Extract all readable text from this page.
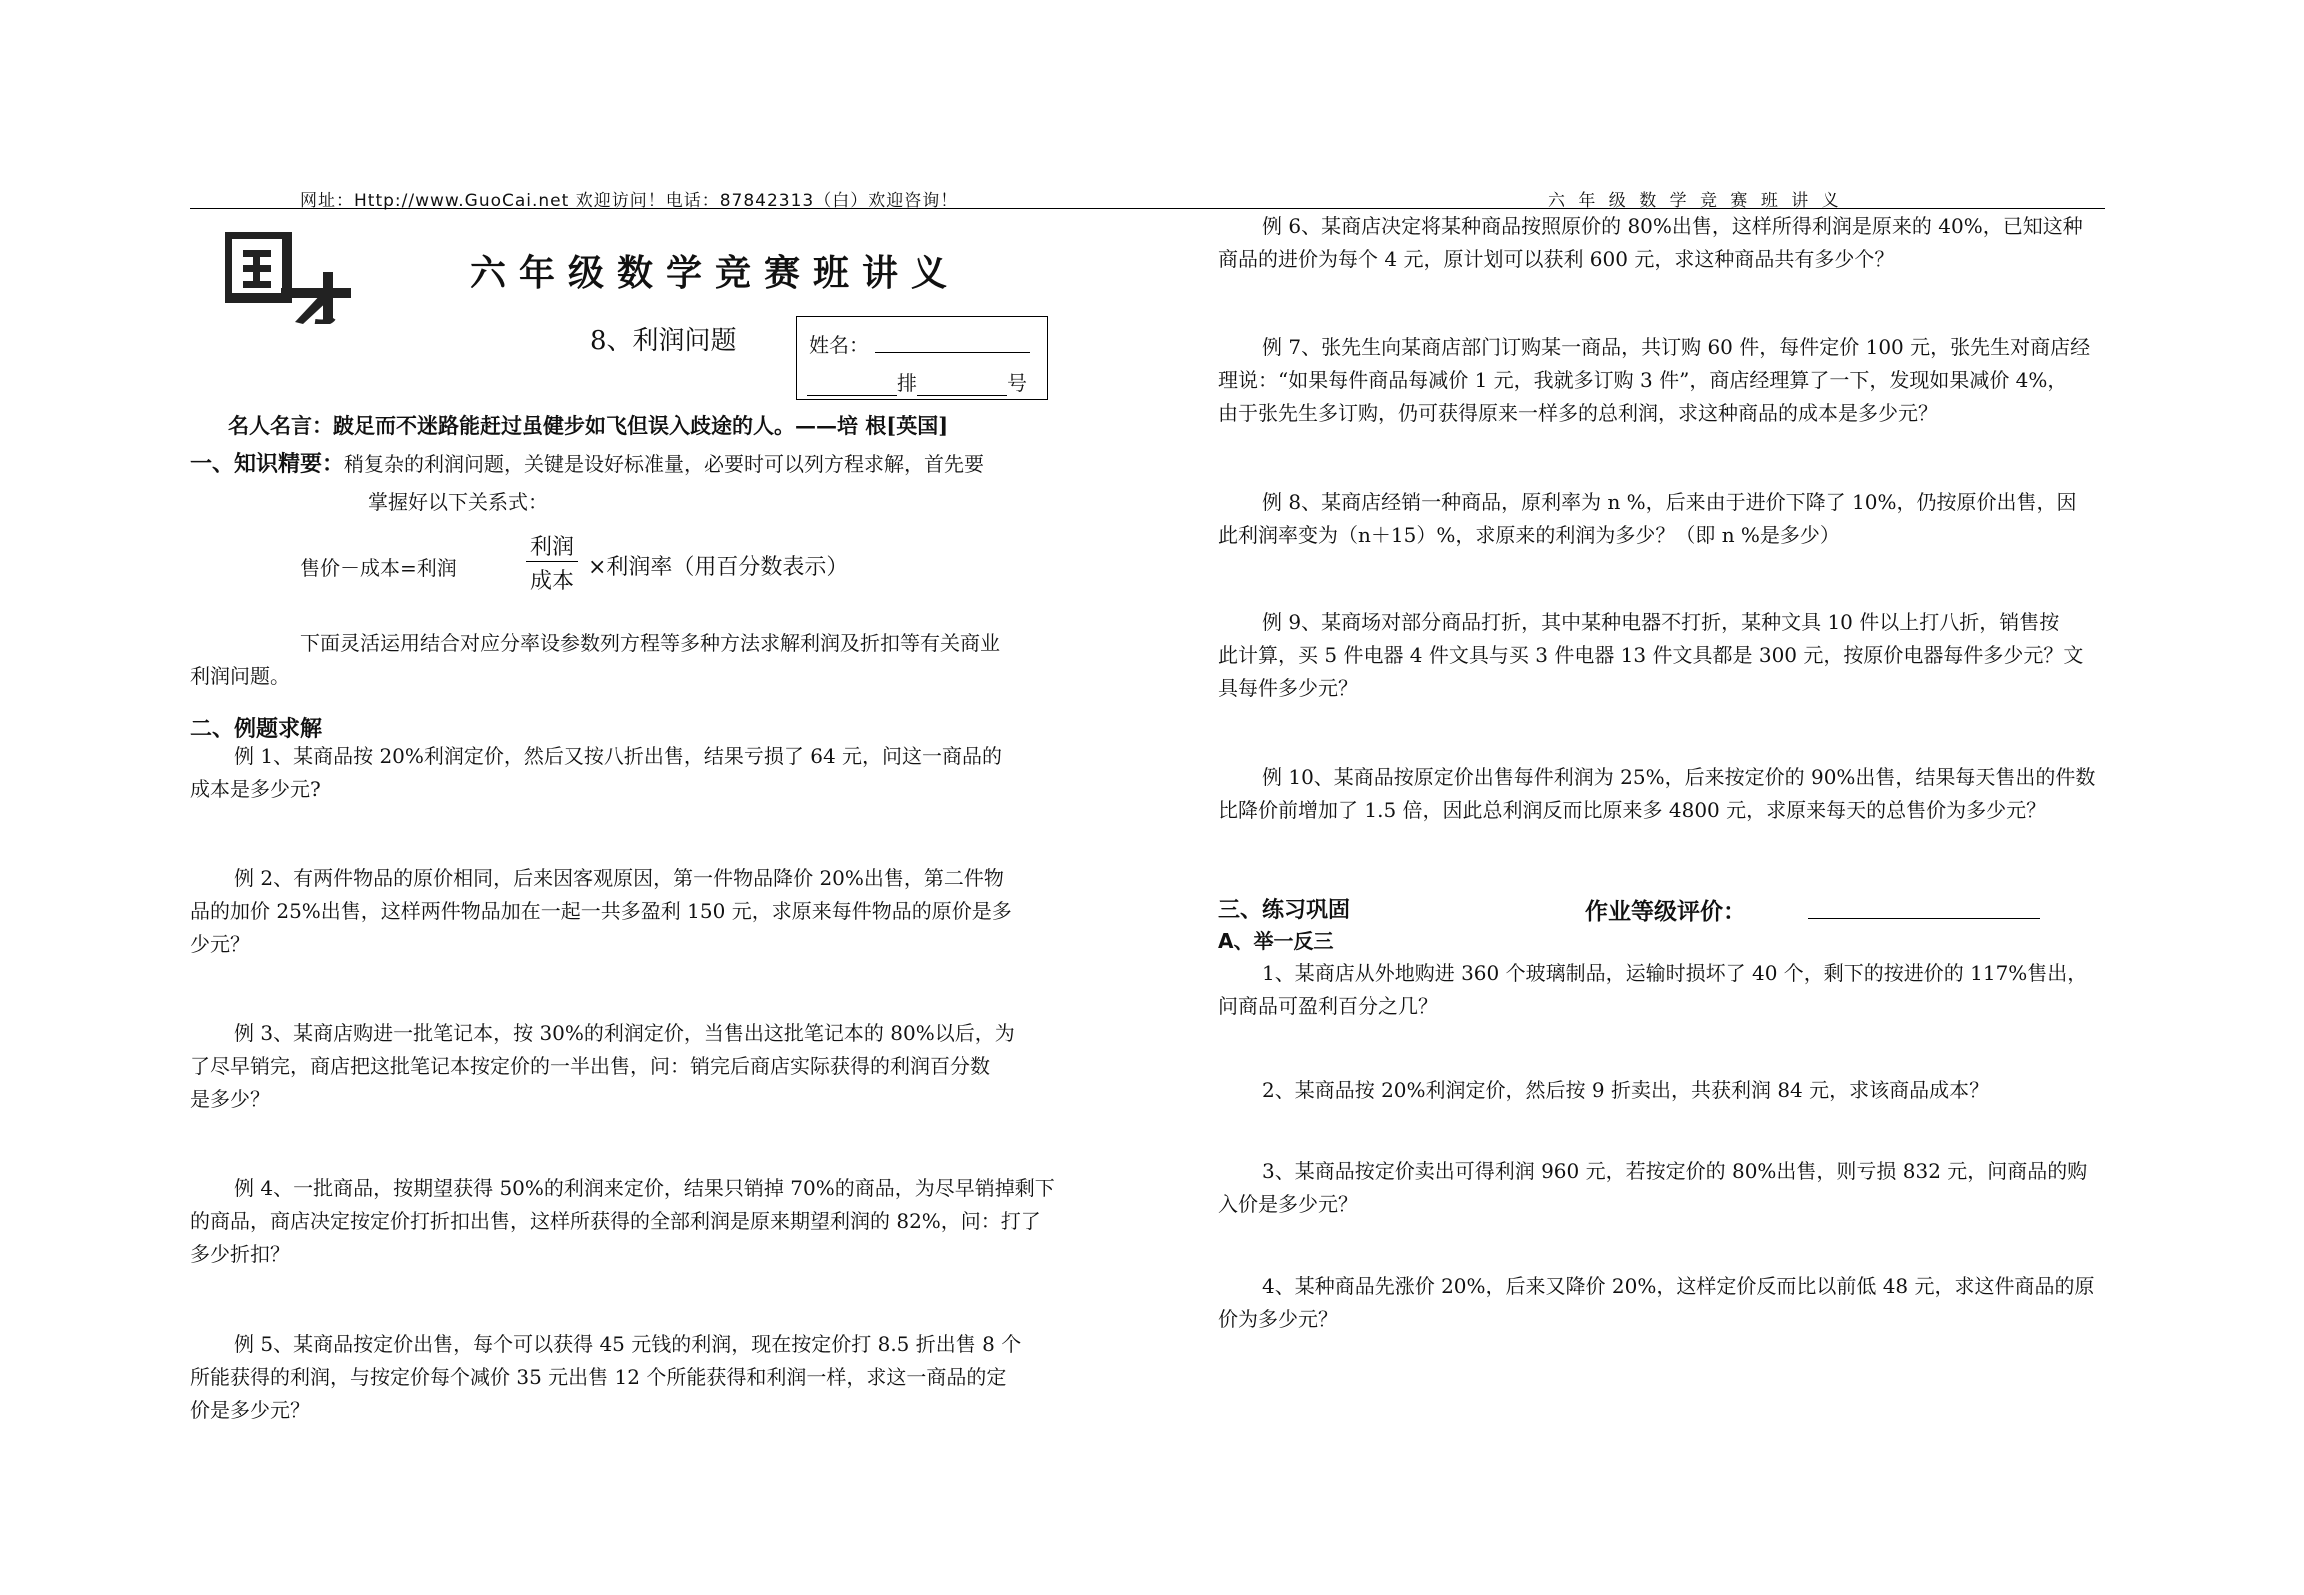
网址：Http://www.GuoCai.net 欢迎访问！电话：87842313（白）欢迎咨询！	六 年 级 数 学 竞 赛 班 讲 义
六年级数学竞赛班讲义
8、利润问题	姓名：
排	号
名人名言：跛足而不迷路能赶过虽健步如飞但误入歧途的人。——培 根[英国]
一、知识精要：稍复杂的利润问题，关键是设好标准量，必要时可以列方程求解，首先要
掌握好以下关系式：
售价－成本=利润
利润
成本
×利润率（用百分数表示）
下面灵活运用结合对应分率设参数列方程等多种方法求解利润及折扣等有关商业
利润问题。
二、例题求解
例 1、某商品按 20%利润定价，然后又按八折出售，结果亏损了 64 元，问这一商品的
成本是多少元?
例 2、有两件物品的原价相同，后来因客观原因，第一件物品降价 20%出售，第二件物
品的加价 25%出售，这样两件物品加在一起一共多盈利 150 元，求原来每件物品的原价是多
少元？
例 3、某商店购进一批笔记本，按 30%的利润定价，当售出这批笔记本的 80%以后，为
了尽早销完，商店把这批笔记本按定价的一半出售，问：销完后商店实际获得的利润百分数
是多少？
例 4、一批商品，按期望获得 50%的利润来定价，结果只销掉 70%的商品，为尽早销掉剩下
的商品，商店决定按定价打折扣出售，这样所获得的全部利润是原来期望利润的 82%，问：打了
多少折扣？
例 5、某商品按定价出售，每个可以获得 45 元钱的利润，现在按定价打 8.5 折出售 8 个
所能获得的利润，与按定价每个减价 35 元出售 12 个所能获得和利润一样，求这一商品的定
价是多少元？
例 6、某商店决定将某种商品按照原价的 80%出售，这样所得利润是原来的 40%，已知这种
商品的进价为每个 4 元，原计划可以获利 600 元，求这种商品共有多少个？
例 7、张先生向某商店部门订购某一商品，共订购 60 件，每件定价 100 元，张先生对商店经
理说：“如果每件商品每减价 1 元，我就多订购 3 件”，商店经理算了一下，发现如果减价 4%，
由于张先生多订购，仍可获得原来一样多的总利润，求这种商品的成本是多少元？
例 8、某商店经销一种商品，原利率为 n %，后来由于进价下降了 10%，仍按原价出售，因
此利润率变为（n＋15）%，求原来的利润为多少？（即 n %是多少）
例 9、某商场对部分商品打折，其中某种电器不打折，某种文具 10 件以上打八折，销售按
此计算，买 5 件电器 4 件文具与买 3 件电器 13 件文具都是 300 元，按原价电器每件多少元？文
具每件多少元？
例 10、某商品按原定价出售每件利润为 25%，后来按定价的 90%出售，结果每天售出的件数
比降价前增加了 1.5 倍，因此总利润反而比原来多 4800 元，求原来每天的总售价为多少元？
三、练习巩固	作业等级评价：
A、举一反三
1、某商店从外地购进 360 个玻璃制品，运输时损坏了 40 个，剩下的按进价的 117%售出，
问商品可盈利百分之几？
2、某商品按 20%利润定价，然后按 9 折卖出，共获利润 84 元，求该商品成本？
3、某商品按定价卖出可得利润 960 元，若按定价的 80%出售，则亏损 832 元，问商品的购
入价是多少元？
4、某种商品先涨价 20%，后来又降价 20%，这样定价反而比以前低 48 元，求这件商品的原
价为多少元？
